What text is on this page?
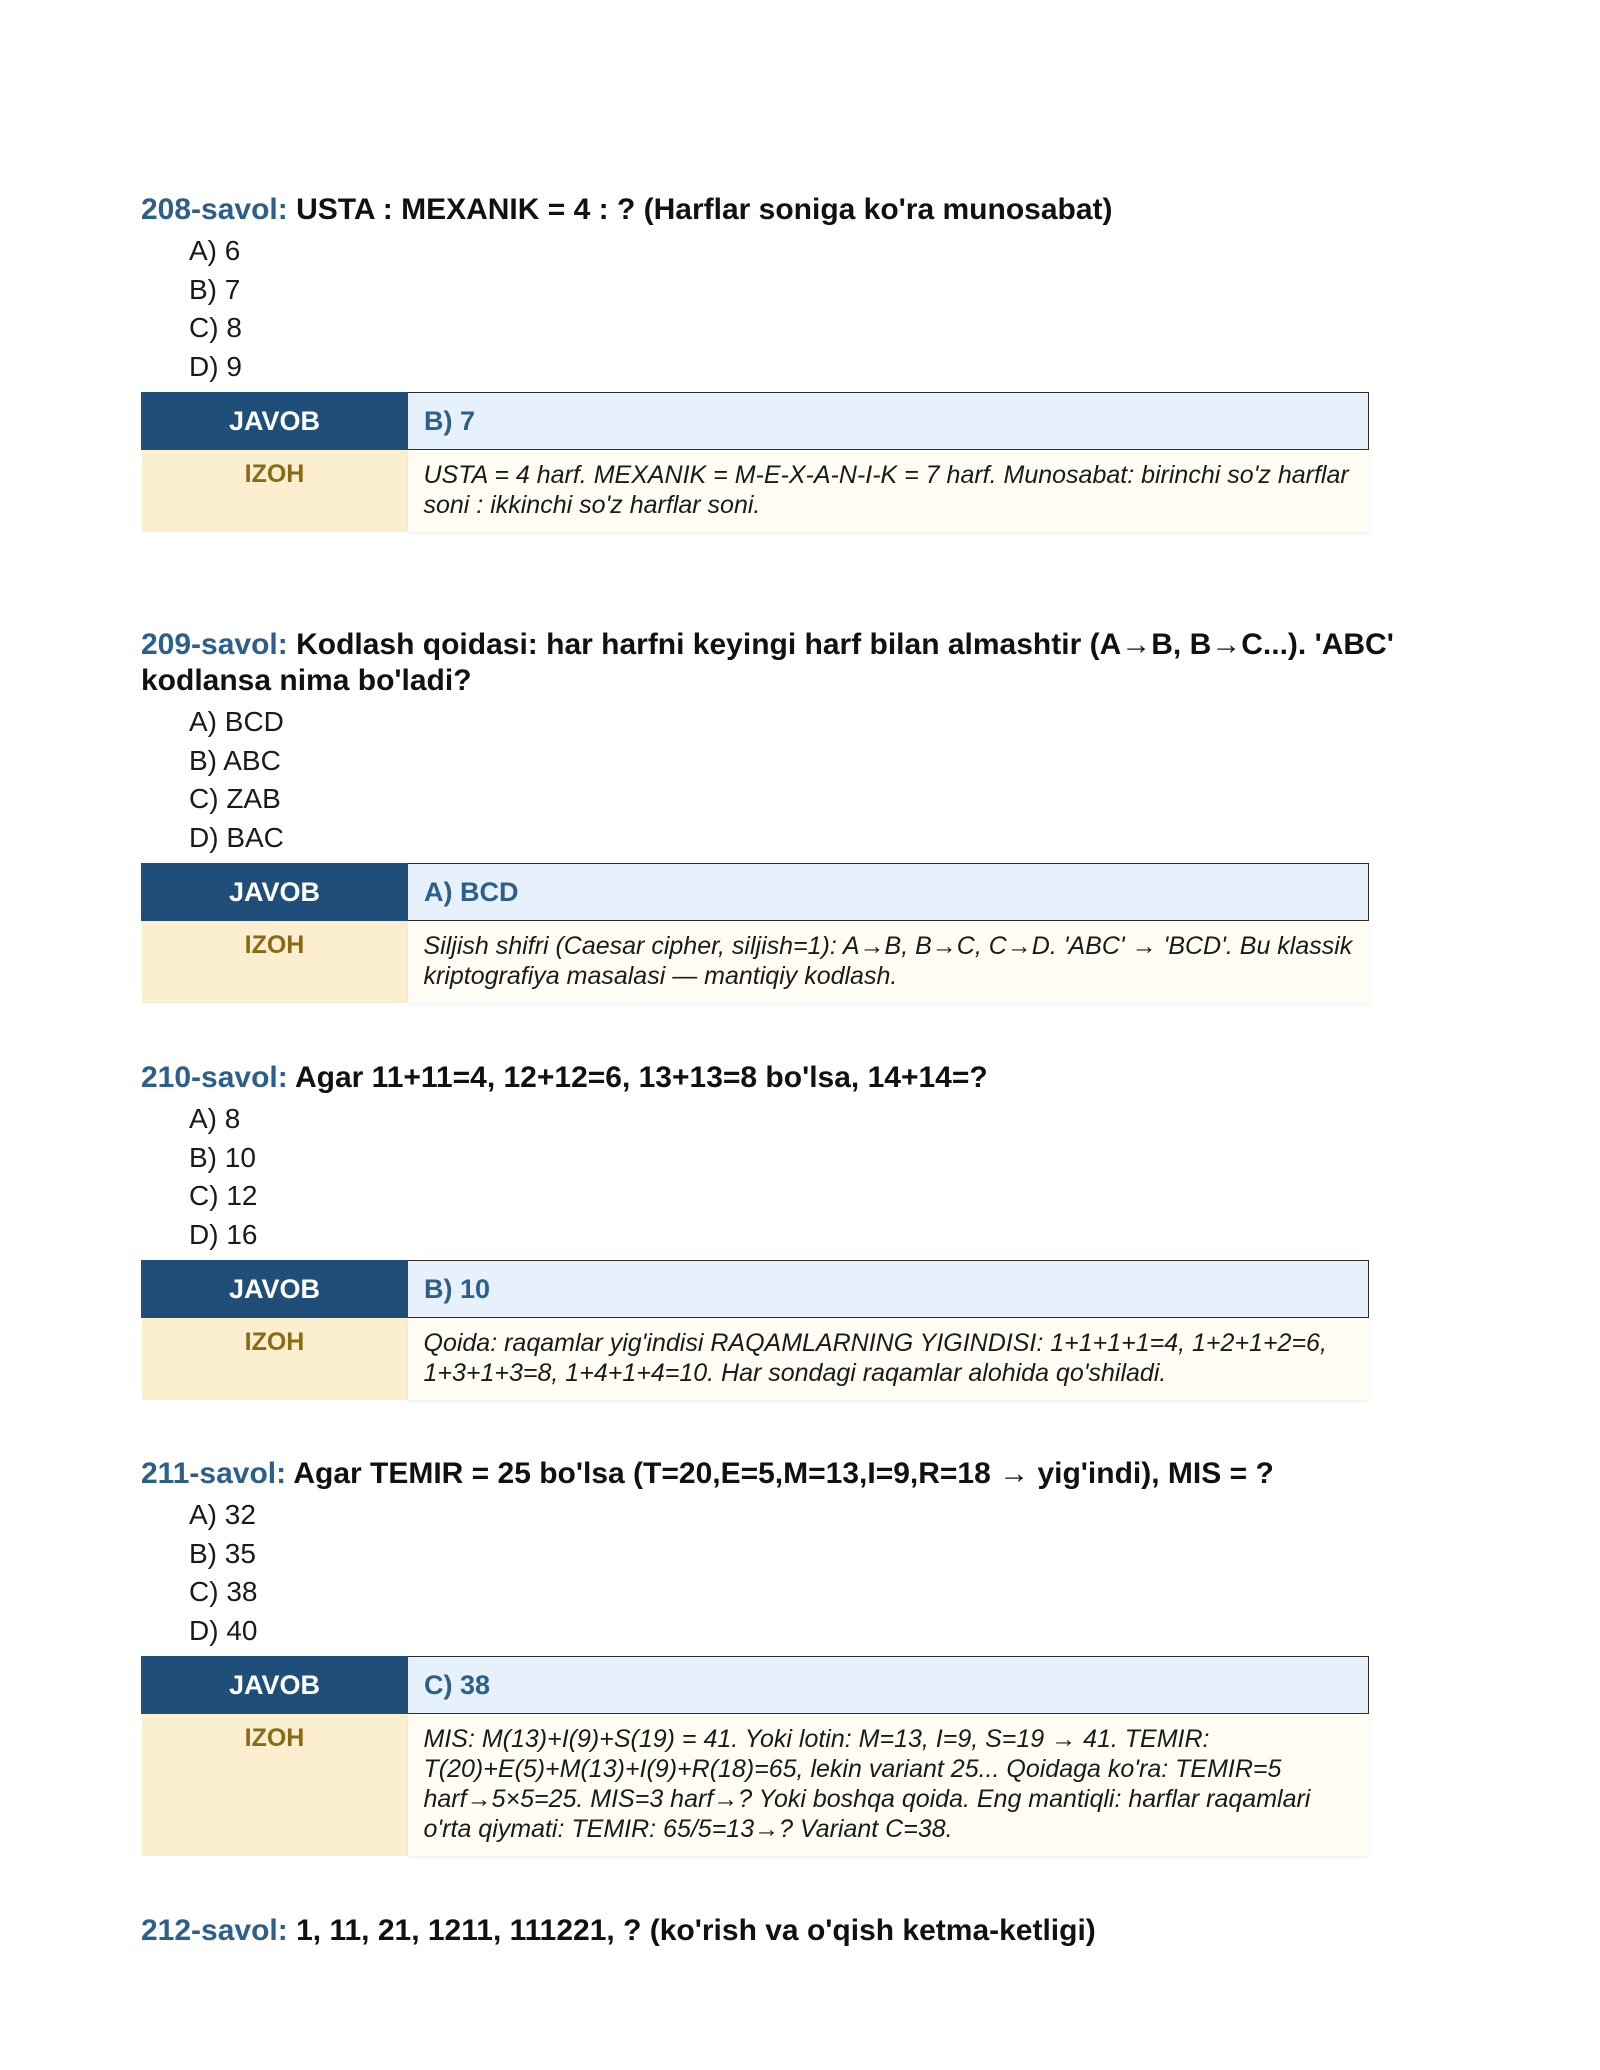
208-savol: USTA : MEXANIK = 4 : ? (Harflar soniga ko'ra munosabat)
A) 6
B) 7
C) 8
D) 9
JAVOB	B) 7
IZOH	USTA = 4 harf. MEXANIK = M-E-X-A-N-I-K = 7 harf. Munosabat: birinchi so'z harflar soni : ikkinchi so'z harflar soni.
209-savol: Kodlash qoidasi: har harfni keyingi harf bilan almashtir (A→B, B→C...). 'ABC' kodlansa nima bo'ladi?
A) BCD
B) ABC
C) ZAB
D) BAC
JAVOB	A) BCD
IZOH	Siljish shifri (Caesar cipher, siljish=1): A→B, B→C, C→D. 'ABC' → 'BCD'. Bu klassik kriptografiya masalasi — mantiqiy kodlash.
210-savol: Agar 11+11=4, 12+12=6, 13+13=8 bo'lsa, 14+14=?
A) 8
B) 10
C) 12
D) 16
JAVOB	B) 10
IZOH	Qoida: raqamlar yig'indisi RAQAMLARNING YIGINDISI: 1+1+1+1=4, 1+2+1+2=6, 1+3+1+3=8, 1+4+1+4=10. Har sondagi raqamlar alohida qo'shiladi.
211-savol: Agar TEMIR = 25 bo'lsa (T=20,E=5,M=13,I=9,R=18 → yig'indi), MIS = ?
A) 32
B) 35
C) 38
D) 40
JAVOB	C) 38
IZOH	MIS: M(13)+I(9)+S(19) = 41. Yoki lotin: M=13, I=9, S=19 → 41. TEMIR: T(20)+E(5)+M(13)+I(9)+R(18)=65, lekin variant 25... Qoidaga ko'ra: TEMIR=5 harf→5×5=25. MIS=3 harf→? Yoki boshqa qoida. Eng mantiqli: harflar raqamlari o'rta qiymati: TEMIR: 65/5=13→? Variant C=38.
212-savol: 1, 11, 21, 1211, 111221, ? (ko'rish va o'qish ketma-ketligi)
